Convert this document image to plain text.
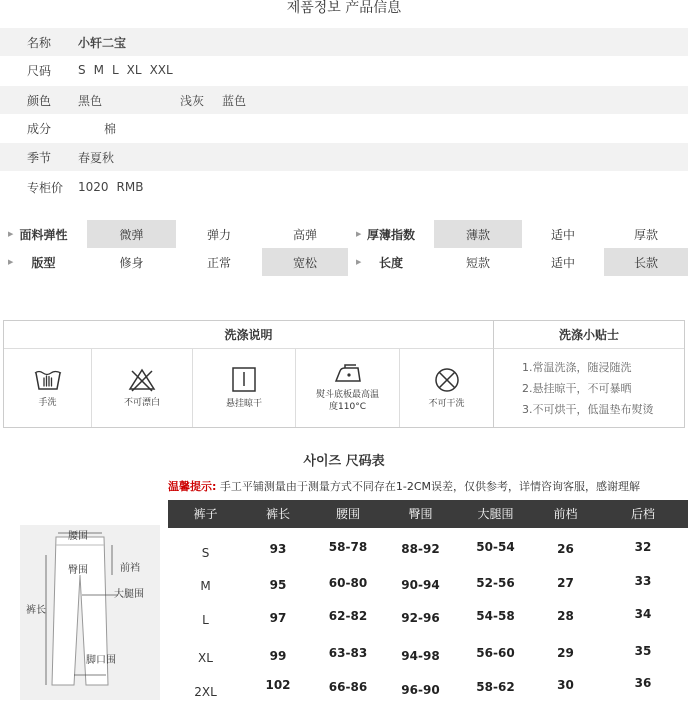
제품정보 产品信息
名称	小轩二宝
尺码	S M L XL XXL
颜色	黑色	浅灰 蓝色
成分	棉
季节	春夏秋
专柜价	1020 RMB
▶ 面料弹性	微弹	弹力	高弹	▶ 厚薄指数	薄款	适中	厚款
▶ 版型	修身	正常	宽松	▶ 长度	短款	适中	长款
洗涤说明	洗涤小贴士
手洗	不可漂白	悬挂晾干
熨斗底板最高温度110°C	不可干洗
1.常温洗涤，随浸随洗
2.悬挂晾干，不可暴晒
3.不可烘干，低温垫布熨烫
사이즈 尺码表
温馨提示: 手工平铺测量由于测量方式不同存在1-2CM误差，仅供参考，详情咨询客服，感谢理解
腰围
臀围	前裆
大腿围
裤长
脚口围
裤子	裤长	腰围	臀围	大腿围	前档	后档
S	93	58-78	88-92	50-54	26	32
M	95	60-80	90-94	52-56	27	33
L	97	62-82	92-96	54-58	28	34
XL	99	63-83	94-98	56-60	29	35
2XL	102	66-86	96-90	58-62	30	36
